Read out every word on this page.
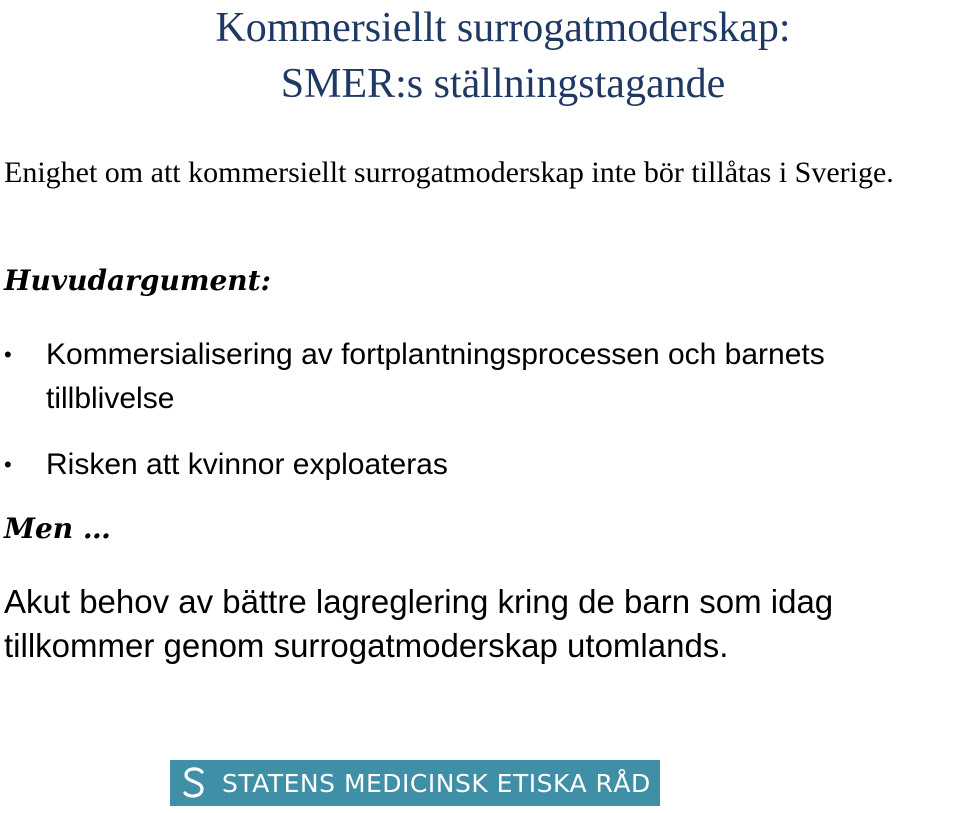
Kommersiellt surrogatmoderskap:
SMER:s ställningstagande

Enighet om att kommersiellt surrogatmoderskap inte bör tillåtas i Sverige.

Huvudargument:
• Kommersialisering av fortplantningsprocessen och barnets tillblivelse
• Risken att kvinnor exploateras
Men …

Akut behov av bättre lagreglering kring de barn som idag tillkommer genom surrogatmoderskap utomlands.

STATENS MEDICINSK ETISKA RÅD
